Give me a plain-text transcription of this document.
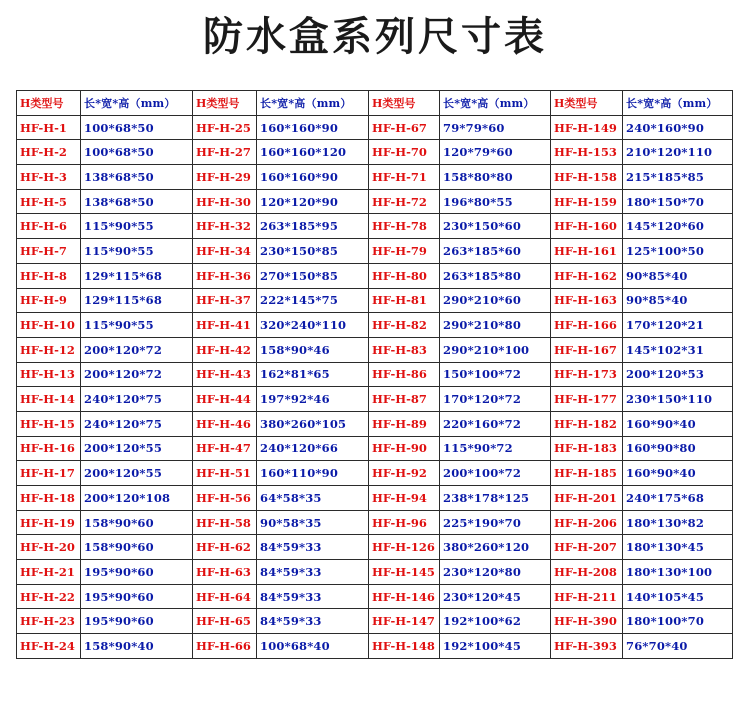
防水盒系列尺寸表
H类型号	长*宽*高（mm）	H类型号	长*宽*高（mm）	H类型号	长*宽*高（mm）	H类型号	长*宽*高（mm）
HF-H-1	100*68*50	HF-H-25	160*160*90	HF-H-67	79*79*60	HF-H-149	240*160*90
HF-H-2	100*68*50	HF-H-27	160*160*120	HF-H-70	120*79*60	HF-H-153	210*120*110
HF-H-3	138*68*50	HF-H-29	160*160*90	HF-H-71	158*80*80	HF-H-158	215*185*85
HF-H-5	138*68*50	HF-H-30	120*120*90	HF-H-72	196*80*55	HF-H-159	180*150*70
HF-H-6	115*90*55	HF-H-32	263*185*95	HF-H-78	230*150*60	HF-H-160	145*120*60
HF-H-7	115*90*55	HF-H-34	230*150*85	HF-H-79	263*185*60	HF-H-161	125*100*50
HF-H-8	129*115*68	HF-H-36	270*150*85	HF-H-80	263*185*80	HF-H-162	90*85*40
HF-H-9	129*115*68	HF-H-37	222*145*75	HF-H-81	290*210*60	HF-H-163	90*85*40
HF-H-10	115*90*55	HF-H-41	320*240*110	HF-H-82	290*210*80	HF-H-166	170*120*21
HF-H-12	200*120*72	HF-H-42	158*90*46	HF-H-83	290*210*100	HF-H-167	145*102*31
HF-H-13	200*120*72	HF-H-43	162*81*65	HF-H-86	150*100*72	HF-H-173	200*120*53
HF-H-14	240*120*75	HF-H-44	197*92*46	HF-H-87	170*120*72	HF-H-177	230*150*110
HF-H-15	240*120*75	HF-H-46	380*260*105	HF-H-89	220*160*72	HF-H-182	160*90*40
HF-H-16	200*120*55	HF-H-47	240*120*66	HF-H-90	115*90*72	HF-H-183	160*90*80
HF-H-17	200*120*55	HF-H-51	160*110*90	HF-H-92	200*100*72	HF-H-185	160*90*40
HF-H-18	200*120*108	HF-H-56	64*58*35	HF-H-94	238*178*125	HF-H-201	240*175*68
HF-H-19	158*90*60	HF-H-58	90*58*35	HF-H-96	225*190*70	HF-H-206	180*130*82
HF-H-20	158*90*60	HF-H-62	84*59*33	HF-H-126	380*260*120	HF-H-207	180*130*45
HF-H-21	195*90*60	HF-H-63	84*59*33	HF-H-145	230*120*80	HF-H-208	180*130*100
HF-H-22	195*90*60	HF-H-64	84*59*33	HF-H-146	230*120*45	HF-H-211	140*105*45
HF-H-23	195*90*60	HF-H-65	84*59*33	HF-H-147	192*100*62	HF-H-390	180*100*70
HF-H-24	158*90*40	HF-H-66	100*68*40	HF-H-148	192*100*45	HF-H-393	76*70*40
